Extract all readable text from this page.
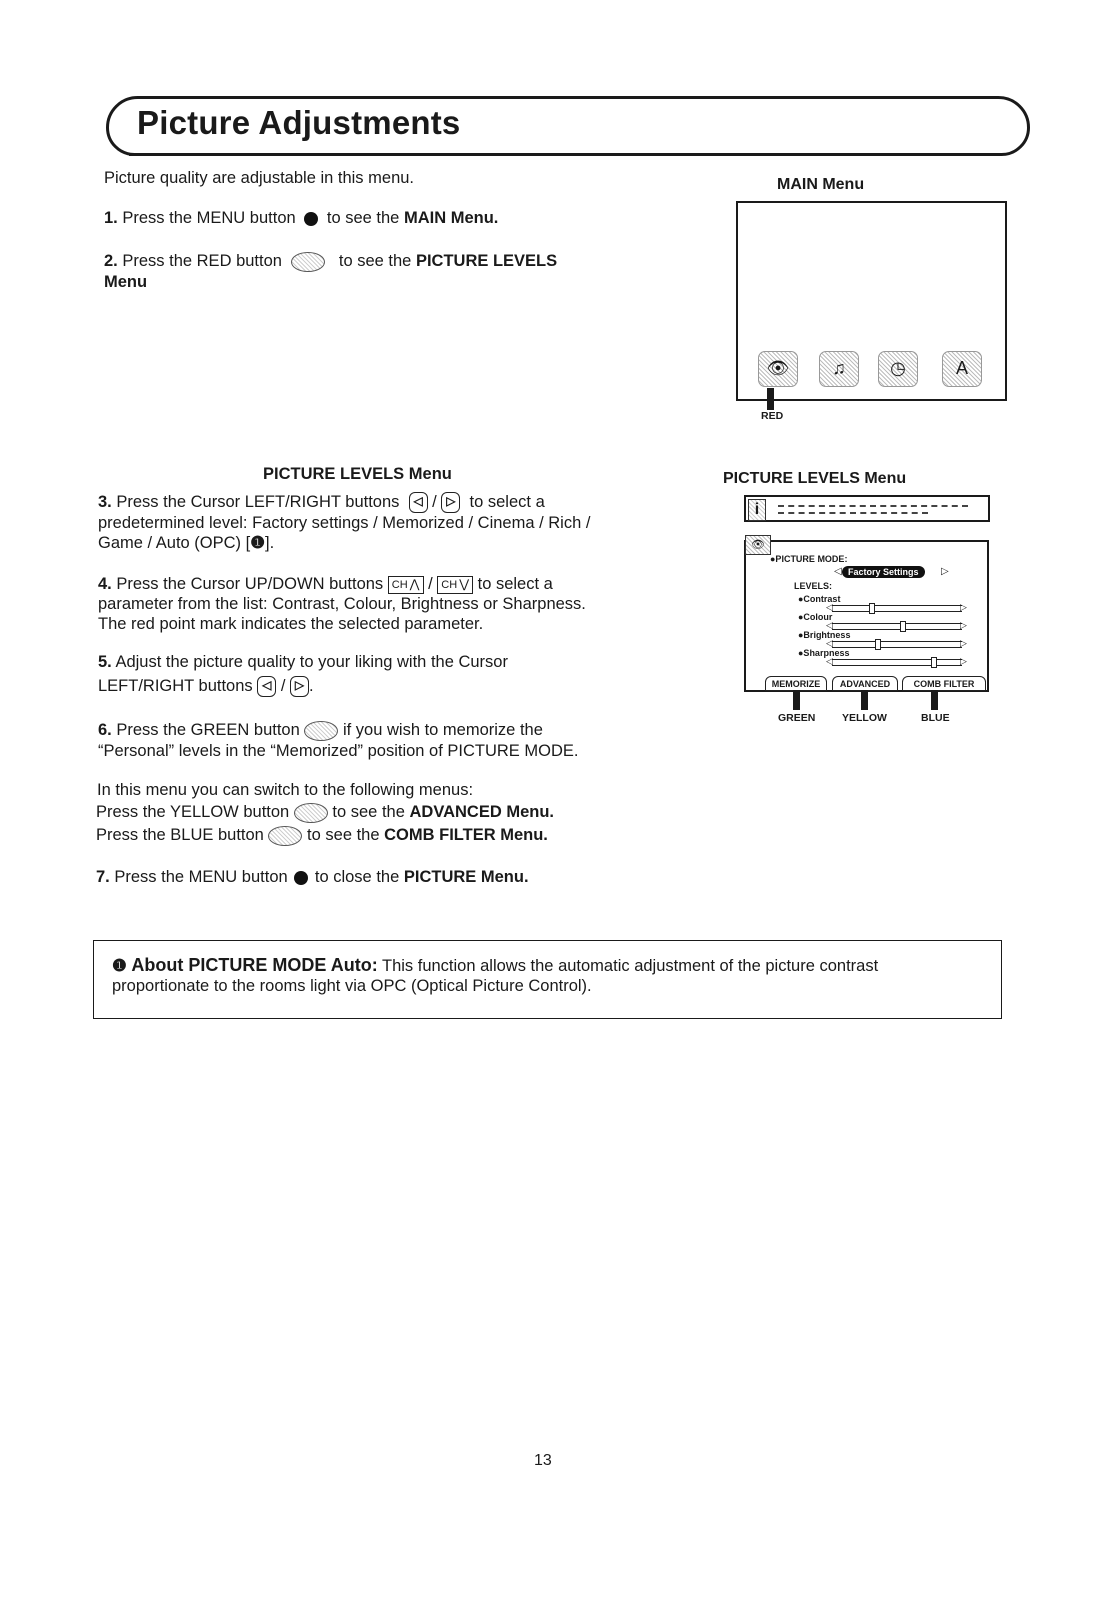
Picture Adjustments
Picture quality are adjustable in this menu.
1. Press the MENU button to see the MAIN Menu.
2. Press the RED button	to see the PICTURE LEVELS
Menu
MAIN Menu
👁	♫	◷	A
RED
PICTURE LEVELS Menu
3. Press the Cursor LEFT/RIGHT buttons ◁ / ▷ to select a
predetermined level: Factory settings / Memorized / Cinema / Rich /
Game / Auto (OPC) [❶].
4. Press the Cursor UP/DOWN buttons CH ⋀ / CH ⋁ to select a
parameter from the list: Contrast, Colour, Brightness or Sharpness.
The red point mark indicates the selected parameter.
5. Adjust the picture quality to your liking with the Cursor
LEFT/RIGHT buttons ◁ / ▷ .
6. Press the GREEN button	if you wish to memorize the
“Personal” levels in the “Memorized” position of PICTURE MODE.
In this menu you can switch to the following menus:
Press the YELLOW button	to see the ADVANCED Menu.
Press the BLUE button	to see the COMB FILTER Menu.
7. Press the MENU button to close the PICTURE Menu.
PICTURE LEVELS Menu
i
👁
●PICTURE MODE:
Factory Settings
◁	▷
LEVELS:
●Contrast
◁	▷
●Colour
◁	▷
●Brightness
◁	▷
●Sharpness
◁	▷
MEMORIZE	ADVANCED	COMB FILTER
GREEN	YELLOW	BLUE
❶ About PICTURE MODE Auto: This function allows the automatic adjustment of the picture contrast
proportionate to the rooms light via OPC (Optical Picture Control).
13
